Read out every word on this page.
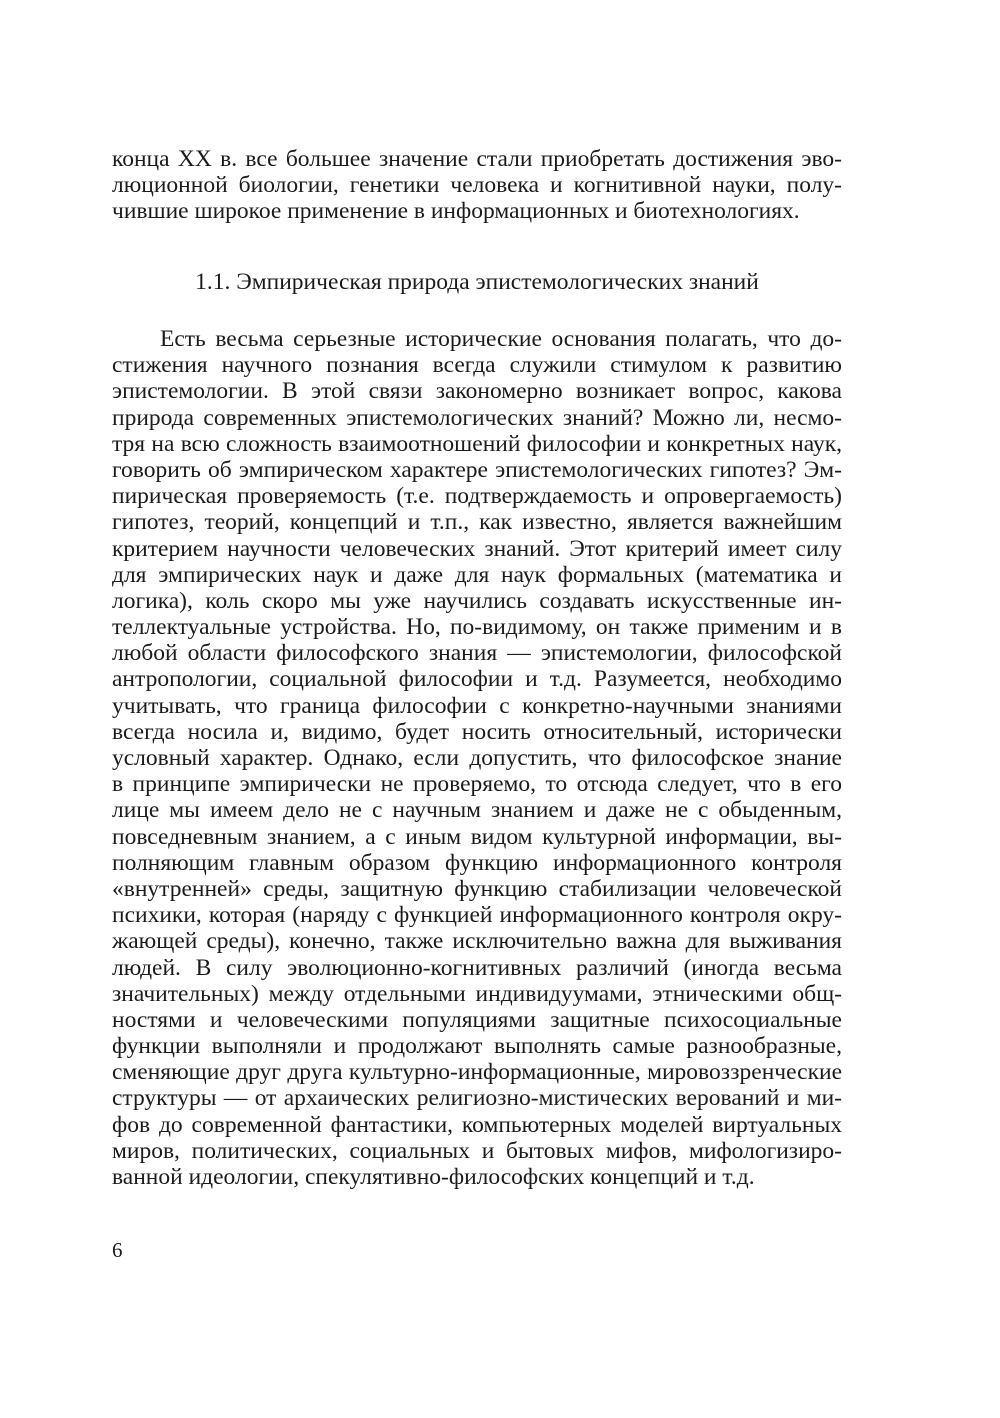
конца XX в. все большее значение стали приобретать достижения эво-
люционной биологии, генетики человека и когнитивной науки, полу-
чившие широкое применение в информационных и биотехнологиях.
1.1. Эмпирическая природа эпистемологических знаний
Есть весьма серьезные исторические основания полагать, что до-
стижения научного познания всегда служили стимулом к развитию
эпистемологии. В этой связи закономерно возникает вопрос, какова
природа современных эпистемологических знаний? Можно ли, несмо-
тря на всю сложность взаимоотношений философии и конкретных наук,
говорить об эмпирическом характере эпистемологических гипотез? Эм-
пирическая проверяемость (т.е. подтверждаемость и опровергаемость)
гипотез, теорий, концепций и т.п., как известно, является важнейшим
критерием научности человеческих знаний. Этот критерий имеет силу
для эмпирических наук и даже для наук формальных (математика и
логика), коль скоро мы уже научились создавать искусственные ин-
теллектуальные устройства. Но, по-видимому, он также применим и в
любой области философского знания — эпистемологии, философской
антропологии, социальной философии и т.д. Разумеется, необходимо
учитывать, что граница философии с конкретно-научными знаниями
всегда носила и, видимо, будет носить относительный, исторически
условный характер. Однако, если допустить, что философское знание
в принципе эмпирически не проверяемо, то отсюда следует, что в его
лице мы имеем дело не с научным знанием и даже не с обыденным,
повседневным знанием, а с иным видом культурной информации, вы-
полняющим главным образом функцию информационного контроля
«внутренней» среды, защитную функцию стабилизации человеческой
психики, которая (наряду с функцией информационного контроля окру-
жающей среды), конечно, также исключительно важна для выживания
людей. В силу эволюционно-когнитивных различий (иногда весьма
значительных) между отдельными индивидуумами, этническими общ-
ностями и человеческими популяциями защитные психосоциальные
функции выполняли и продолжают выполнять самые разнообразные,
сменяющие друг друга культурно-информационные, мировоззренческие
структуры — от архаических религиозно-мистических верований и ми-
фов до современной фантастики, компьютерных моделей виртуальных
миров, политических, социальных и бытовых мифов, мифологизиро-
ванной идеологии, спекулятивно-философских концепций и т.д.
6
